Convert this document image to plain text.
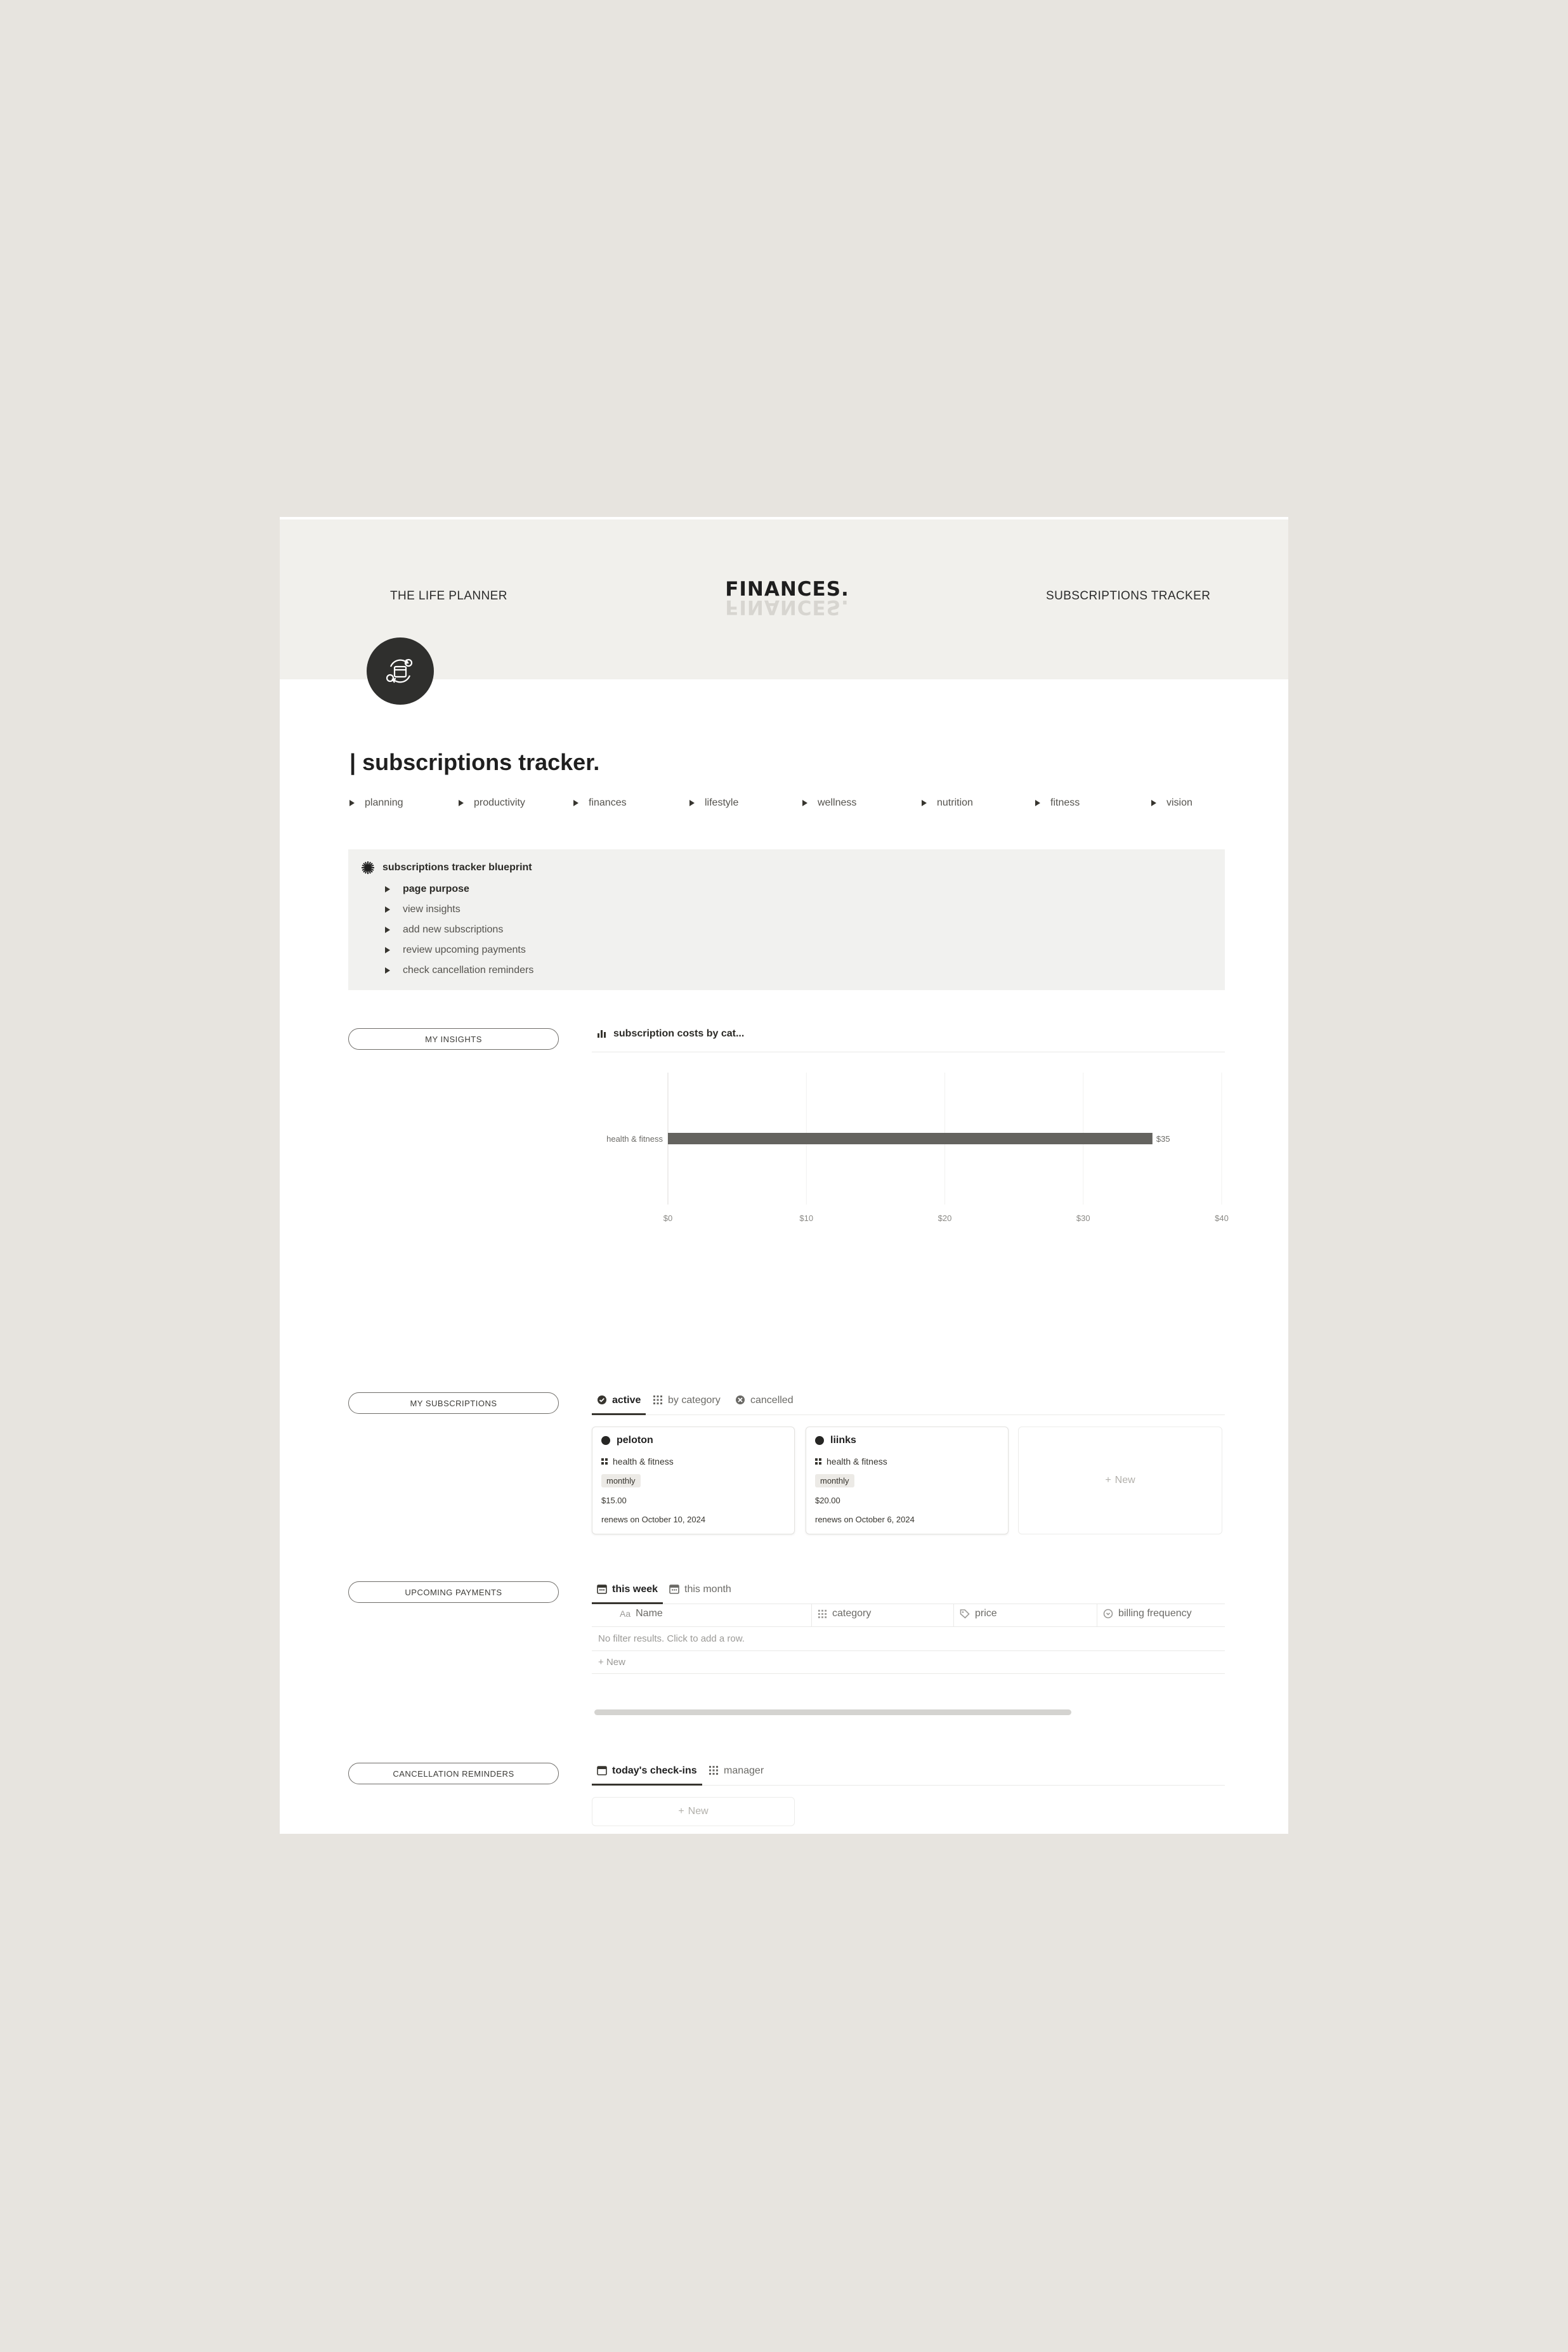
THE LIFE PLANNER	FINANCES.
FINANCES.	SUBSCRIPTIONS TRACKER
| subscriptions tracker.
planning	productivity	finances	lifestyle	wellness	nutrition	fitness	vision
subscriptions tracker blueprint
page purpose
view insights
add new subscriptions
review upcoming payments
check cancellation reminders
MY INSIGHTS	subscription costs by cat...
$0	$10	$20	$30	$40
health & fitness	$35
MY SUBSCRIPTIONS	active	by category	cancelled
peloton
health & fitness
monthly
$15.00
renews on October 10, 2024
liinks
health & fitness
monthly
$20.00
renews on October 6, 2024
+ New
UPCOMING PAYMENTS	this week	this month
Aa Name	category	price	billing frequency
No filter results. Click to add a row.
+ New
CANCELLATION REMINDERS	today's check-ins	manager
+ New
